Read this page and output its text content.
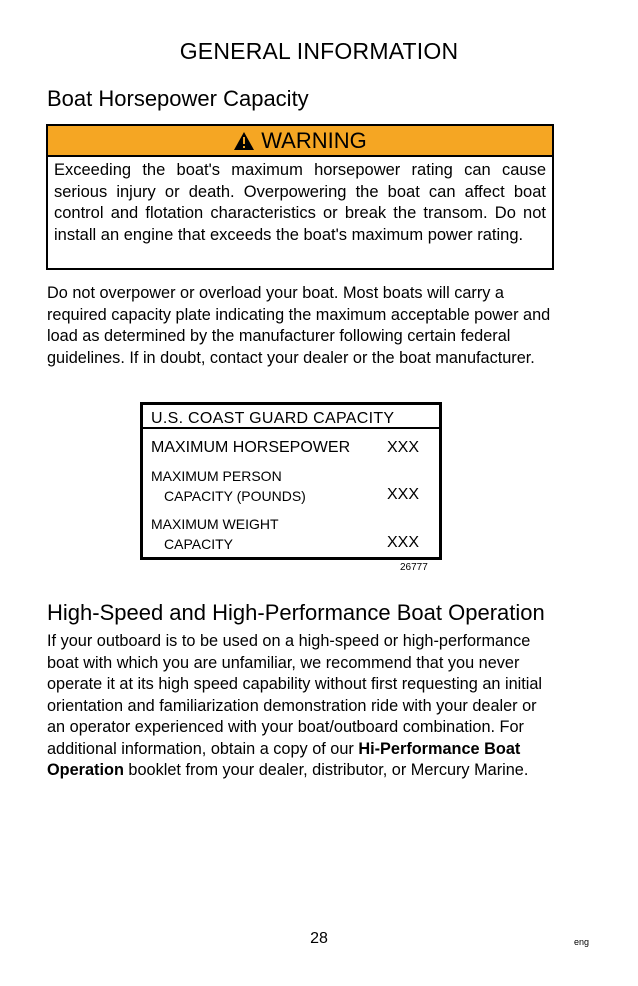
GENERAL INFORMATION
Boat Horsepower Capacity
WARNING
Exceeding the boat's maximum horsepower rating can cause serious injury or death. Overpowering the boat can affect boat control and flotation characteristics or break the transom. Do not install an engine that exceeds the boat's maximum power rating.
Do not overpower or overload your boat. Most boats will carry a required capacity plate indicating the maximum acceptable power and load as determined by the manufacturer following certain federal guidelines. If in doubt, contact your dealer or the boat manufacturer.
U.S. COAST GUARD CAPACITY
MAXIMUM HORSEPOWER XXX
MAXIMUM PERSON
CAPACITY (POUNDS)	XXX
MAXIMUM WEIGHT
CAPACITY	XXX
26777
High-Speed and High-Performance Boat Operation
If your outboard is to be used on a high-speed or high-performance boat with which you are unfamiliar, we recommend that you never operate it at its high speed capability without first requesting an initial orientation and familiarization demonstration ride with your dealer or an operator experienced with your boat/outboard combination. For additional information, obtain a copy of our Hi-Performance Boat Operation booklet from your dealer, distributor, or Mercury Marine.
28	eng
